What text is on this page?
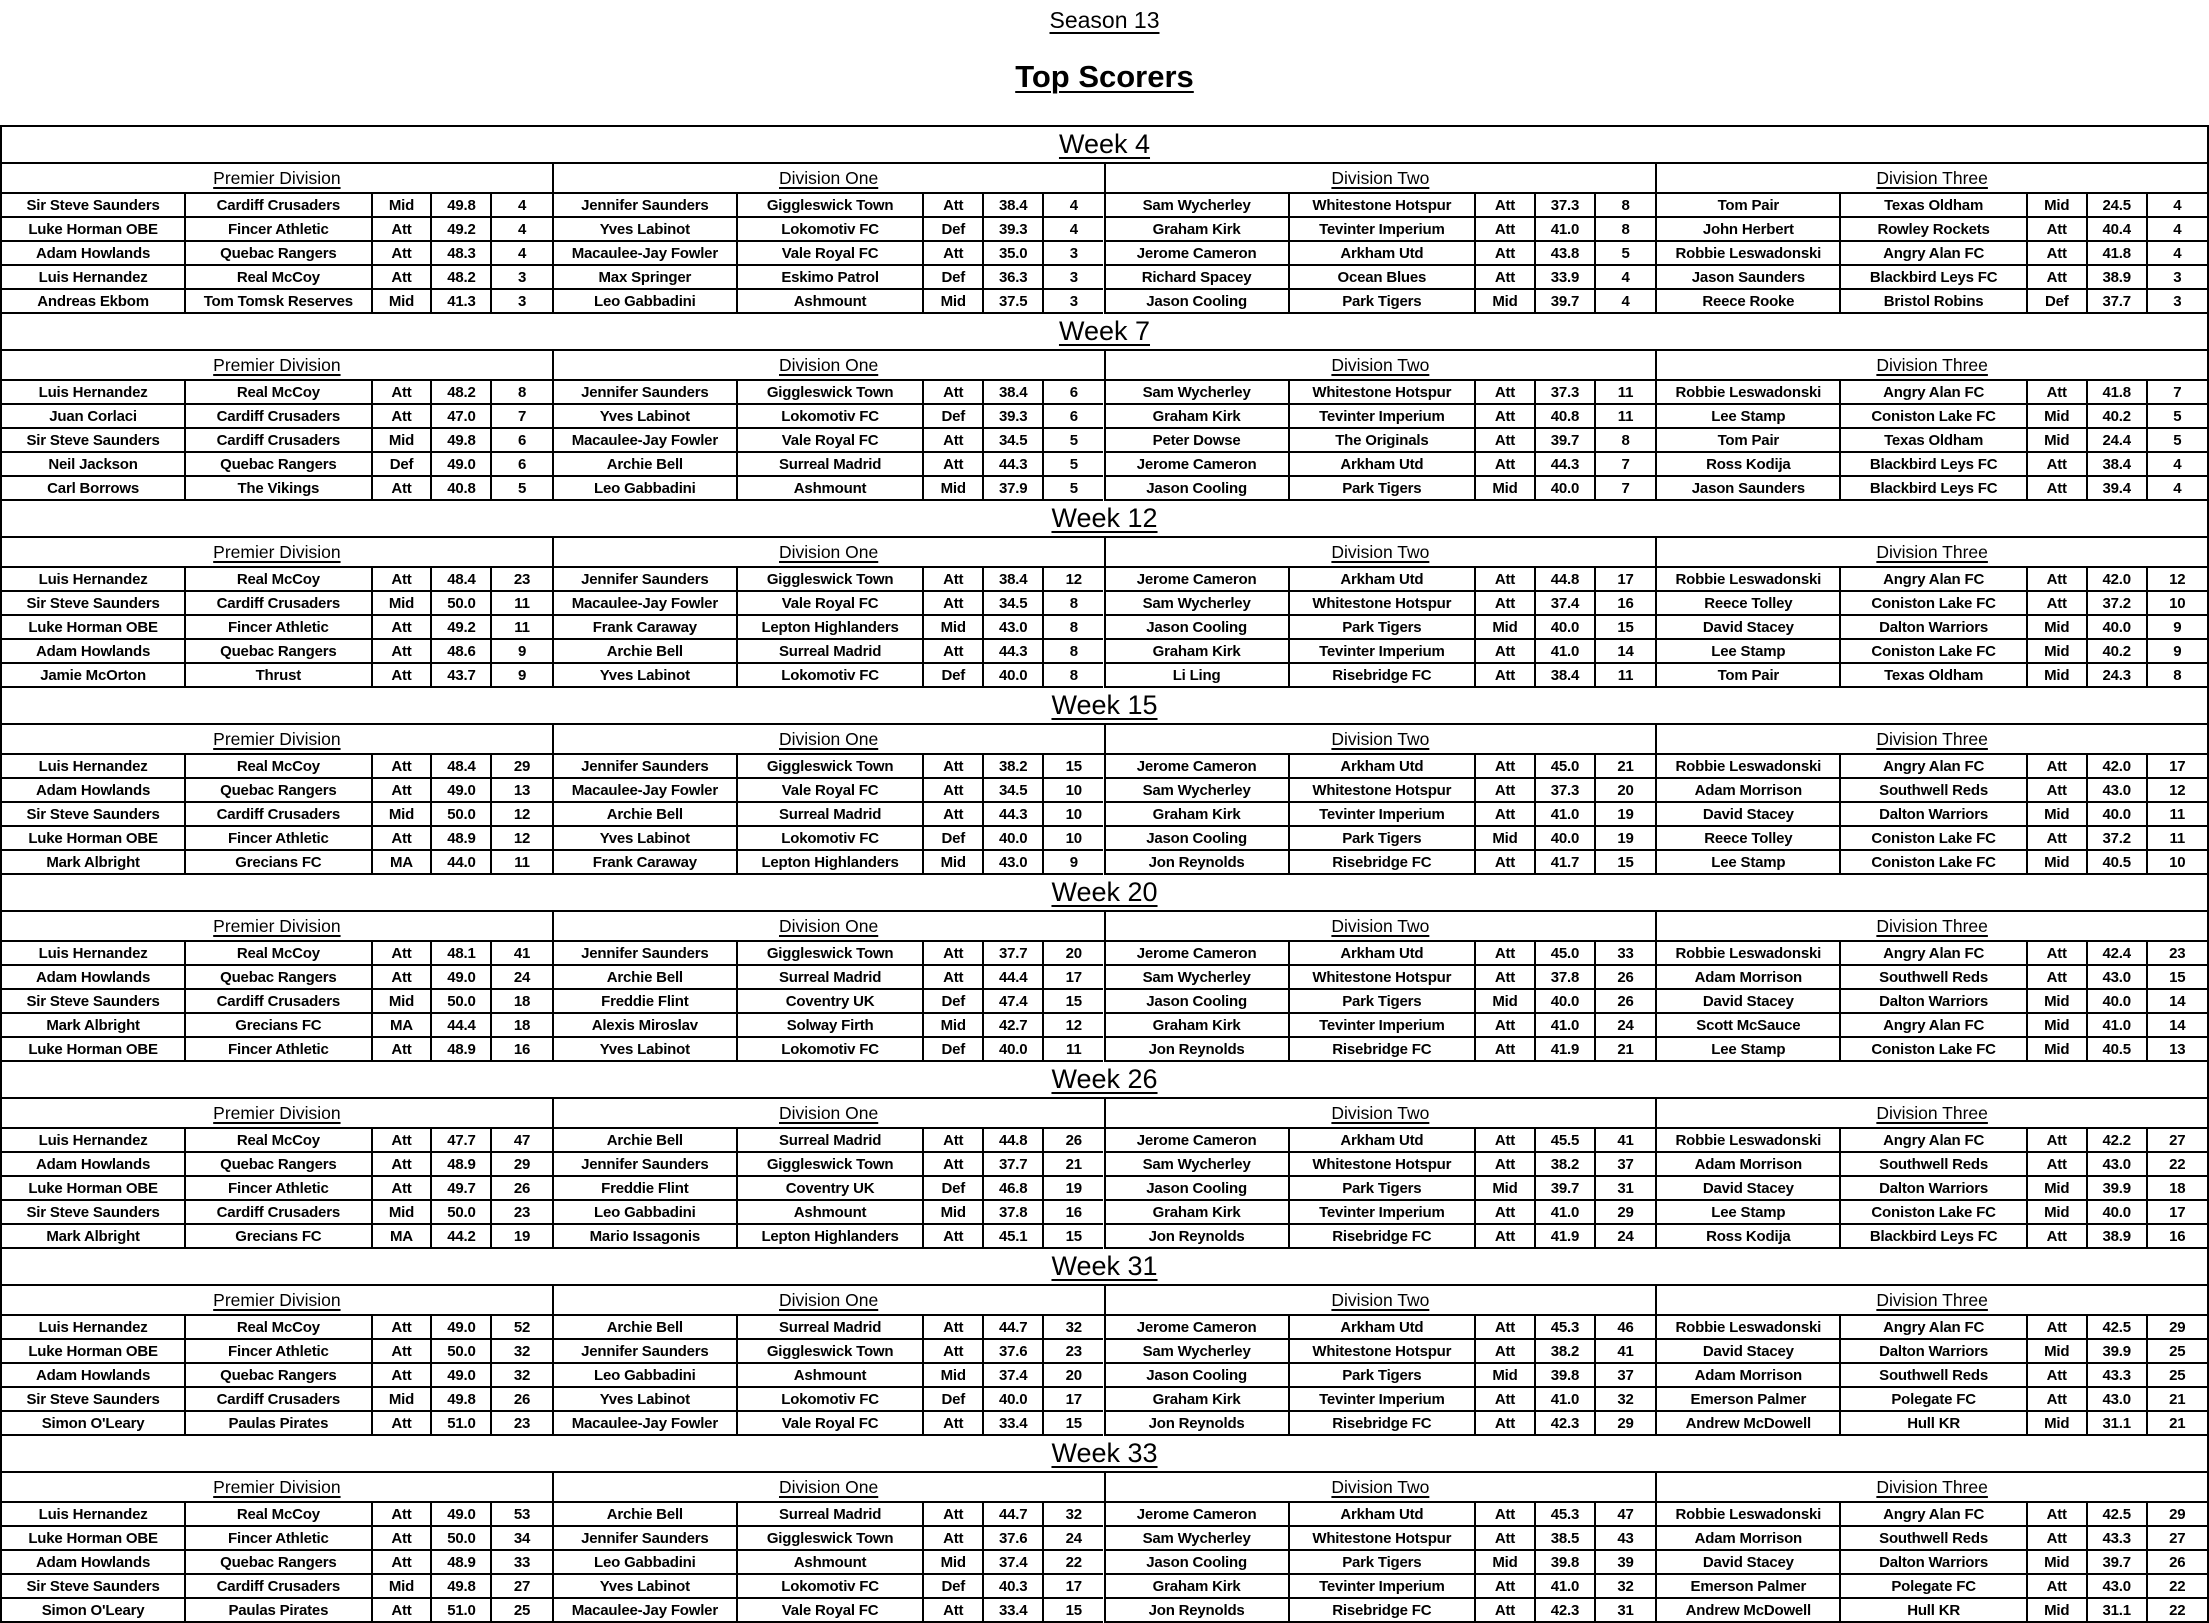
Season 13
Top Scorers
Week 4
Premier Division
Sir Steve Saunders	Cardiff Crusaders	Mid	49.8	4
Luke Horman OBE	Fincer Athletic	Att	49.2	4
Adam Howlands	Quebac Rangers	Att	48.3	4
Luis Hernandez	Real McCoy	Att	48.2	3
Andreas Ekbom	Tom Tomsk Reserves	Mid	41.3	3
Division One
Jennifer Saunders	Giggleswick Town	Att	38.4	4
Yves Labinot	Lokomotiv FC	Def	39.3	4
Macaulee-Jay Fowler	Vale Royal FC	Att	35.0	3
Max Springer	Eskimo Patrol	Def	36.3	3
Leo Gabbadini	Ashmount	Mid	37.5	3
Division Two
Sam Wycherley	Whitestone Hotspur	Att	37.3	8
Graham Kirk	Tevinter Imperium	Att	41.0	8
Jerome Cameron	Arkham Utd	Att	43.8	5
Richard Spacey	Ocean Blues	Att	33.9	4
Jason Cooling	Park Tigers	Mid	39.7	4
Division Three
Tom Pair	Texas Oldham	Mid	24.5	4
John Herbert	Rowley Rockets	Att	40.4	4
Robbie Leswadonski	Angry Alan FC	Att	41.8	4
Jason Saunders	Blackbird Leys FC	Att	38.9	3
Reece Rooke	Bristol Robins	Def	37.7	3
Week 7
Premier Division
Luis Hernandez	Real McCoy	Att	48.2	8
Juan Corlaci	Cardiff Crusaders	Att	47.0	7
Sir Steve Saunders	Cardiff Crusaders	Mid	49.8	6
Neil Jackson	Quebac Rangers	Def	49.0	6
Carl Borrows	The Vikings	Att	40.8	5
Division One
Jennifer Saunders	Giggleswick Town	Att	38.4	6
Yves Labinot	Lokomotiv FC	Def	39.3	6
Macaulee-Jay Fowler	Vale Royal FC	Att	34.5	5
Archie Bell	Surreal Madrid	Att	44.3	5
Leo Gabbadini	Ashmount	Mid	37.9	5
Division Two
Sam Wycherley	Whitestone Hotspur	Att	37.3	11
Graham Kirk	Tevinter Imperium	Att	40.8	11
Peter Dowse	The Originals	Att	39.7	8
Jerome Cameron	Arkham Utd	Att	44.3	7
Jason Cooling	Park Tigers	Mid	40.0	7
Division Three
Robbie Leswadonski	Angry Alan FC	Att	41.8	7
Lee Stamp	Coniston Lake FC	Mid	40.2	5
Tom Pair	Texas Oldham	Mid	24.4	5
Ross Kodija	Blackbird Leys FC	Att	38.4	4
Jason Saunders	Blackbird Leys FC	Att	39.4	4
Week 12
Premier Division
Luis Hernandez	Real McCoy	Att	48.4	23
Sir Steve Saunders	Cardiff Crusaders	Mid	50.0	11
Luke Horman OBE	Fincer Athletic	Att	49.2	11
Adam Howlands	Quebac Rangers	Att	48.6	9
Jamie McOrton	Thrust	Att	43.7	9
Division One
Jennifer Saunders	Giggleswick Town	Att	38.4	12
Macaulee-Jay Fowler	Vale Royal FC	Att	34.5	8
Frank Caraway	Lepton Highlanders	Mid	43.0	8
Archie Bell	Surreal Madrid	Att	44.3	8
Yves Labinot	Lokomotiv FC	Def	40.0	8
Division Two
Jerome Cameron	Arkham Utd	Att	44.8	17
Sam Wycherley	Whitestone Hotspur	Att	37.4	16
Jason Cooling	Park Tigers	Mid	40.0	15
Graham Kirk	Tevinter Imperium	Att	41.0	14
Li Ling	Risebridge FC	Att	38.4	11
Division Three
Robbie Leswadonski	Angry Alan FC	Att	42.0	12
Reece Tolley	Coniston Lake FC	Att	37.2	10
David Stacey	Dalton Warriors	Mid	40.0	9
Lee Stamp	Coniston Lake FC	Mid	40.2	9
Tom Pair	Texas Oldham	Mid	24.3	8
Week 15
Premier Division
Luis Hernandez	Real McCoy	Att	48.4	29
Adam Howlands	Quebac Rangers	Att	49.0	13
Sir Steve Saunders	Cardiff Crusaders	Mid	50.0	12
Luke Horman OBE	Fincer Athletic	Att	48.9	12
Mark Albright	Grecians FC	MA	44.0	11
Division One
Jennifer Saunders	Giggleswick Town	Att	38.2	15
Macaulee-Jay Fowler	Vale Royal FC	Att	34.5	10
Archie Bell	Surreal Madrid	Att	44.3	10
Yves Labinot	Lokomotiv FC	Def	40.0	10
Frank Caraway	Lepton Highlanders	Mid	43.0	9
Division Two
Jerome Cameron	Arkham Utd	Att	45.0	21
Sam Wycherley	Whitestone Hotspur	Att	37.3	20
Graham Kirk	Tevinter Imperium	Att	41.0	19
Jason Cooling	Park Tigers	Mid	40.0	19
Jon Reynolds	Risebridge FC	Att	41.7	15
Division Three
Robbie Leswadonski	Angry Alan FC	Att	42.0	17
Adam Morrison	Southwell Reds	Att	43.0	12
David Stacey	Dalton Warriors	Mid	40.0	11
Reece Tolley	Coniston Lake FC	Att	37.2	11
Lee Stamp	Coniston Lake FC	Mid	40.5	10
Week 20
Premier Division
Luis Hernandez	Real McCoy	Att	48.1	41
Adam Howlands	Quebac Rangers	Att	49.0	24
Sir Steve Saunders	Cardiff Crusaders	Mid	50.0	18
Mark Albright	Grecians FC	MA	44.4	18
Luke Horman OBE	Fincer Athletic	Att	48.9	16
Division One
Jennifer Saunders	Giggleswick Town	Att	37.7	20
Archie Bell	Surreal Madrid	Att	44.4	17
Freddie Flint	Coventry UK	Def	47.4	15
Alexis Miroslav	Solway Firth	Mid	42.7	12
Yves Labinot	Lokomotiv FC	Def	40.0	11
Division Two
Jerome Cameron	Arkham Utd	Att	45.0	33
Sam Wycherley	Whitestone Hotspur	Att	37.8	26
Jason Cooling	Park Tigers	Mid	40.0	26
Graham Kirk	Tevinter Imperium	Att	41.0	24
Jon Reynolds	Risebridge FC	Att	41.9	21
Division Three
Robbie Leswadonski	Angry Alan FC	Att	42.4	23
Adam Morrison	Southwell Reds	Att	43.0	15
David Stacey	Dalton Warriors	Mid	40.0	14
Scott McSauce	Angry Alan FC	Mid	41.0	14
Lee Stamp	Coniston Lake FC	Mid	40.5	13
Week 26
Premier Division
Luis Hernandez	Real McCoy	Att	47.7	47
Adam Howlands	Quebac Rangers	Att	48.9	29
Luke Horman OBE	Fincer Athletic	Att	49.7	26
Sir Steve Saunders	Cardiff Crusaders	Mid	50.0	23
Mark Albright	Grecians FC	MA	44.2	19
Division One
Archie Bell	Surreal Madrid	Att	44.8	26
Jennifer Saunders	Giggleswick Town	Att	37.7	21
Freddie Flint	Coventry UK	Def	46.8	19
Leo Gabbadini	Ashmount	Mid	37.8	16
Mario Issagonis	Lepton Highlanders	Att	45.1	15
Division Two
Jerome Cameron	Arkham Utd	Att	45.5	41
Sam Wycherley	Whitestone Hotspur	Att	38.2	37
Jason Cooling	Park Tigers	Mid	39.7	31
Graham Kirk	Tevinter Imperium	Att	41.0	29
Jon Reynolds	Risebridge FC	Att	41.9	24
Division Three
Robbie Leswadonski	Angry Alan FC	Att	42.2	27
Adam Morrison	Southwell Reds	Att	43.0	22
David Stacey	Dalton Warriors	Mid	39.9	18
Lee Stamp	Coniston Lake FC	Mid	40.0	17
Ross Kodija	Blackbird Leys FC	Att	38.9	16
Week 31
Premier Division
Luis Hernandez	Real McCoy	Att	49.0	52
Luke Horman OBE	Fincer Athletic	Att	50.0	32
Adam Howlands	Quebac Rangers	Att	49.0	32
Sir Steve Saunders	Cardiff Crusaders	Mid	49.8	26
Simon O'Leary	Paulas Pirates	Att	51.0	23
Division One
Archie Bell	Surreal Madrid	Att	44.7	32
Jennifer Saunders	Giggleswick Town	Att	37.6	23
Leo Gabbadini	Ashmount	Mid	37.4	20
Yves Labinot	Lokomotiv FC	Def	40.0	17
Macaulee-Jay Fowler	Vale Royal FC	Att	33.4	15
Division Two
Jerome Cameron	Arkham Utd	Att	45.3	46
Sam Wycherley	Whitestone Hotspur	Att	38.2	41
Jason Cooling	Park Tigers	Mid	39.8	37
Graham Kirk	Tevinter Imperium	Att	41.0	32
Jon Reynolds	Risebridge FC	Att	42.3	29
Division Three
Robbie Leswadonski	Angry Alan FC	Att	42.5	29
David Stacey	Dalton Warriors	Mid	39.9	25
Adam Morrison	Southwell Reds	Att	43.3	25
Emerson Palmer	Polegate FC	Att	43.0	21
Andrew McDowell	Hull KR	Mid	31.1	21
Week 33
Premier Division
Luis Hernandez	Real McCoy	Att	49.0	53
Luke Horman OBE	Fincer Athletic	Att	50.0	34
Adam Howlands	Quebac Rangers	Att	48.9	33
Sir Steve Saunders	Cardiff Crusaders	Mid	49.8	27
Simon O'Leary	Paulas Pirates	Att	51.0	25
Division One
Archie Bell	Surreal Madrid	Att	44.7	32
Jennifer Saunders	Giggleswick Town	Att	37.6	24
Leo Gabbadini	Ashmount	Mid	37.4	22
Yves Labinot	Lokomotiv FC	Def	40.3	17
Macaulee-Jay Fowler	Vale Royal FC	Att	33.4	15
Division Two
Jerome Cameron	Arkham Utd	Att	45.3	47
Sam Wycherley	Whitestone Hotspur	Att	38.5	43
Jason Cooling	Park Tigers	Mid	39.8	39
Graham Kirk	Tevinter Imperium	Att	41.0	32
Jon Reynolds	Risebridge FC	Att	42.3	31
Division Three
Robbie Leswadonski	Angry Alan FC	Att	42.5	29
Adam Morrison	Southwell Reds	Att	43.3	27
David Stacey	Dalton Warriors	Mid	39.7	26
Emerson Palmer	Polegate FC	Att	43.0	22
Andrew McDowell	Hull KR	Mid	31.1	22
